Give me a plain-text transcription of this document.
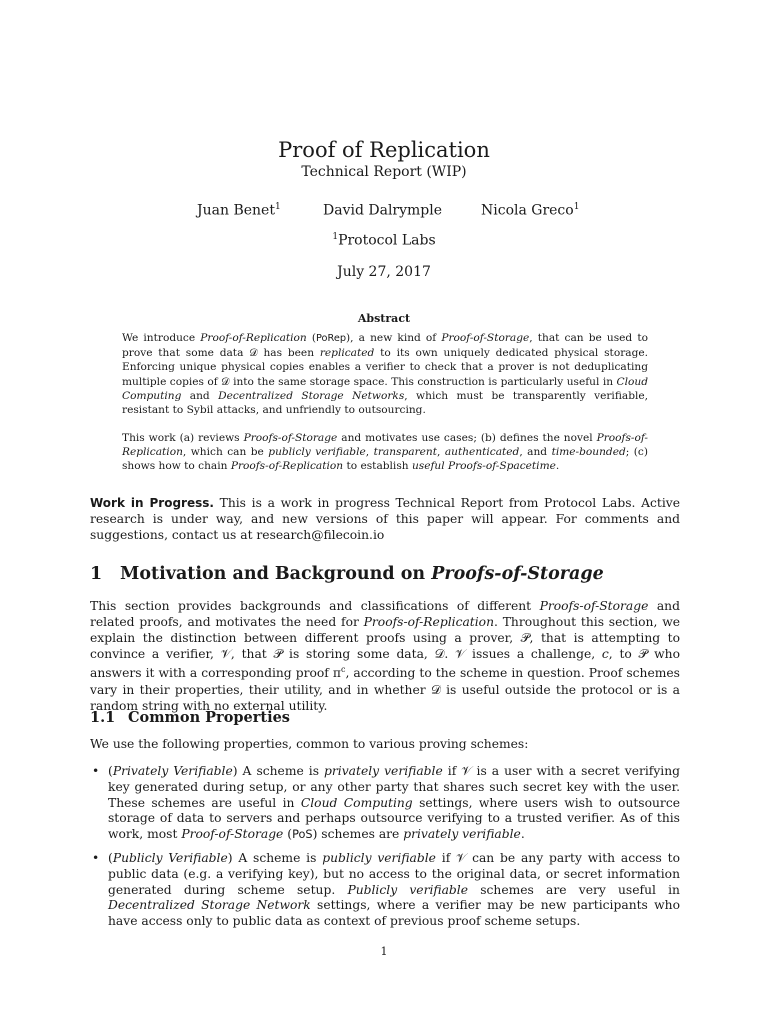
Proof of Replication
Technical Report (WIP)
Juan Benet$^1$	David Dalrymple	Nicola Greco$^1$
$^1$Protocol Labs
July 27, 2017
Abstract
We introduce Proof-of-Replication (PoRep), a new kind of Proof-of-Storage, that can be used to prove that some data 𝒟 has been replicated to its own uniquely dedicated physical storage. Enforcing unique physical copies enables a verifier to check that a prover is not deduplicating multiple copies of 𝒟 into the same storage space. This construction is particularly useful in Cloud Computing and Decentralized Storage Networks, which must be transparently verifiable, resistant to Sybil attacks, and unfriendly to outsourcing.
This work (a) reviews Proofs-of-Storage and motivates use cases; (b) defines the novel Proofs-of-Replication, which can be publicly verifiable, transparent, authenticated, and time-bounded; (c) shows how to chain Proofs-of-Replication to establish useful Proofs-of-Spacetime.
Work in Progress. This is a work in progress Technical Report from Protocol Labs. Active research is under way, and new versions of this paper will appear. For comments and suggestions, contact us at research@filecoin.io
1 Motivation and Background on Proofs-of-Storage
This section provides backgrounds and classifications of different Proofs-of-Storage and related proofs, and motivates the need for Proofs-of-Replication. Throughout this section, we explain the distinction between different proofs using a prover, 𝒫, that is attempting to convince a verifier, 𝒱, that 𝒫 is storing some data, 𝒟. 𝒱 issues a challenge, c, to 𝒫 who answers it with a corresponding proof $\pi^c$, according to the scheme in question. Proof schemes vary in their properties, their utility, and in whether 𝒟 is useful outside the protocol or is a random string with no external utility.
1.1 Common Properties
We use the following properties, common to various proving schemes:
• (Privately Verifiable) A scheme is privately verifiable if 𝒱 is a user with a secret verifying key generated during setup, or any other party that shares such secret key with the user. These schemes are useful in Cloud Computing settings, where users wish to outsource storage of data to servers and perhaps outsource verifying to a trusted verifier. As of this work, most Proof-of-Storage (PoS) schemes are privately verifiable.
• (Publicly Verifiable) A scheme is publicly verifiable if 𝒱 can be any party with access to public data (e.g. a verifying key), but no access to the original data, or secret information generated during scheme setup. Publicly verifiable schemes are very useful in Decentralized Storage Network settings, where a verifier may be new participants who have access only to public data as context of previous proof scheme setups.
1
